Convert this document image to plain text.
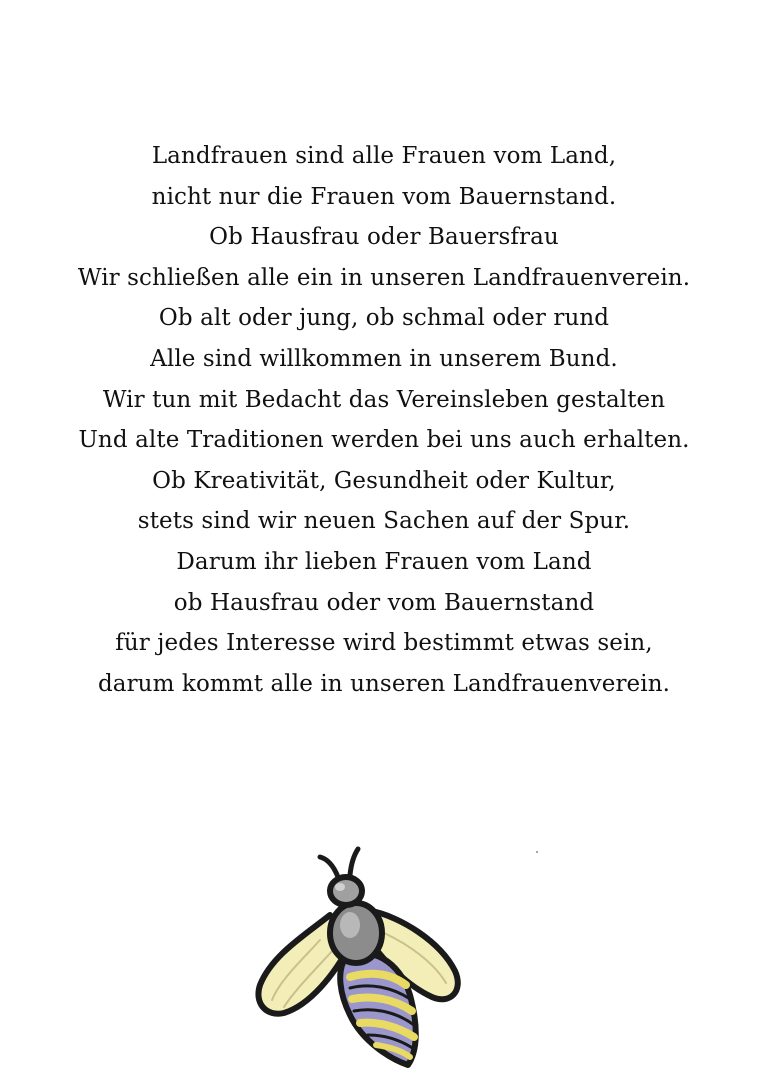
Landfrauen sind alle Frauen vom Land,
nicht nur die Frauen vom Bauernstand.
Ob Hausfrau oder Bauersfrau
Wir schließen alle ein in unseren Landfrauenverein.
Ob alt oder jung, ob schmal oder rund
Alle sind willkommen in unserem Bund.
Wir tun mit Bedacht das Vereinsleben gestalten
Und alte Traditionen werden bei uns auch erhalten.
Ob Kreativität, Gesundheit oder Kultur,
stets sind wir neuen Sachen auf der Spur.
Darum ihr lieben Frauen vom Land
ob Hausfrau oder vom Bauernstand
für jedes Interesse wird bestimmt etwas sein,
darum kommt alle in unseren Landfrauenverein.
